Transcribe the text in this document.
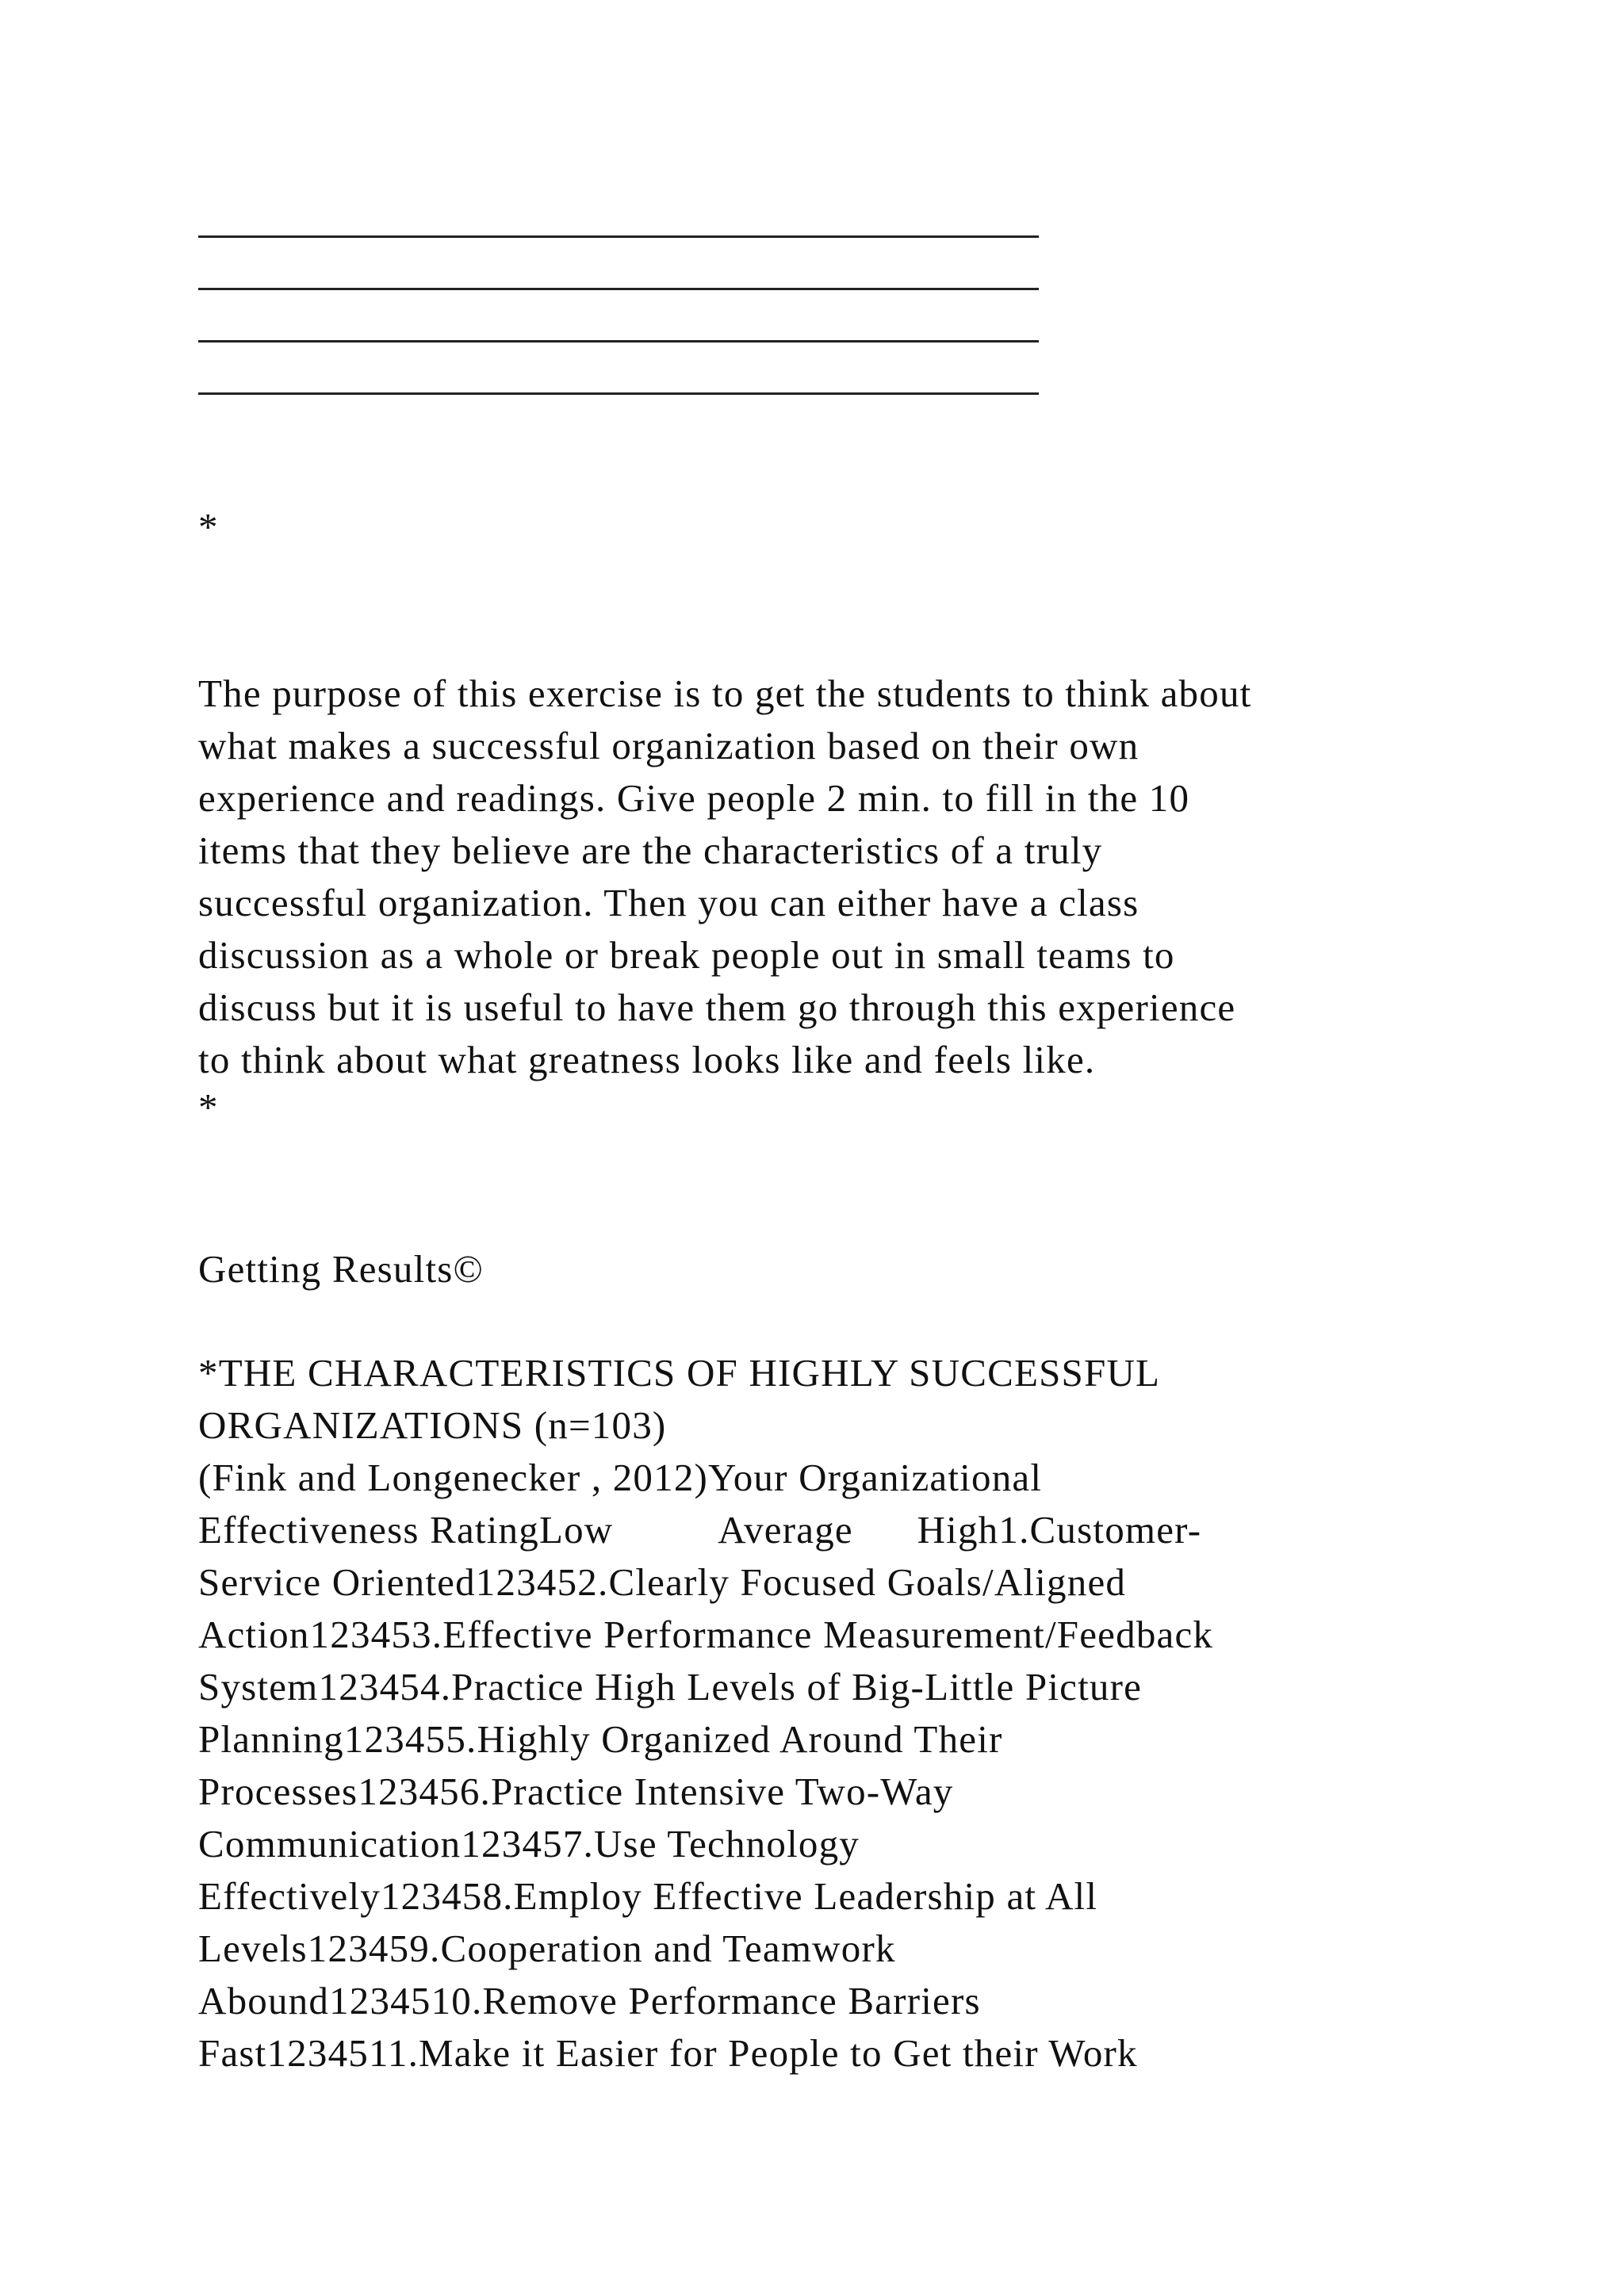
*
The purpose of this exercise is to get the students to think about
what makes a successful organization based on their own
experience and readings. Give people 2 min. to fill in the 10
items that they believe are the characteristics of a truly
successful organization. Then you can either have a class
discussion as a whole or break people out in small teams to
discuss but it is useful to have them go through this experience
to think about what greatness looks like and feels like.
*
Getting Results©
*THE CHARACTERISTICS OF HIGHLY SUCCESSFUL
ORGANIZATIONS (n=103)
(Fink and Longenecker , 2012)Your Organizational
Effectiveness RatingLow          Average      High1.Customer-
Service Oriented123452.Clearly Focused Goals/Aligned
Action123453.Effective Performance Measurement/Feedback
System123454.Practice High Levels of Big-Little Picture
Planning123455.Highly Organized Around Their
Processes123456.Practice Intensive Two-Way
Communication123457.Use Technology
Effectively123458.Employ Effective Leadership at All
Levels123459.Cooperation and Teamwork
Abound1234510.Remove Performance Barriers
Fast1234511.Make it Easier for People to Get their Work
